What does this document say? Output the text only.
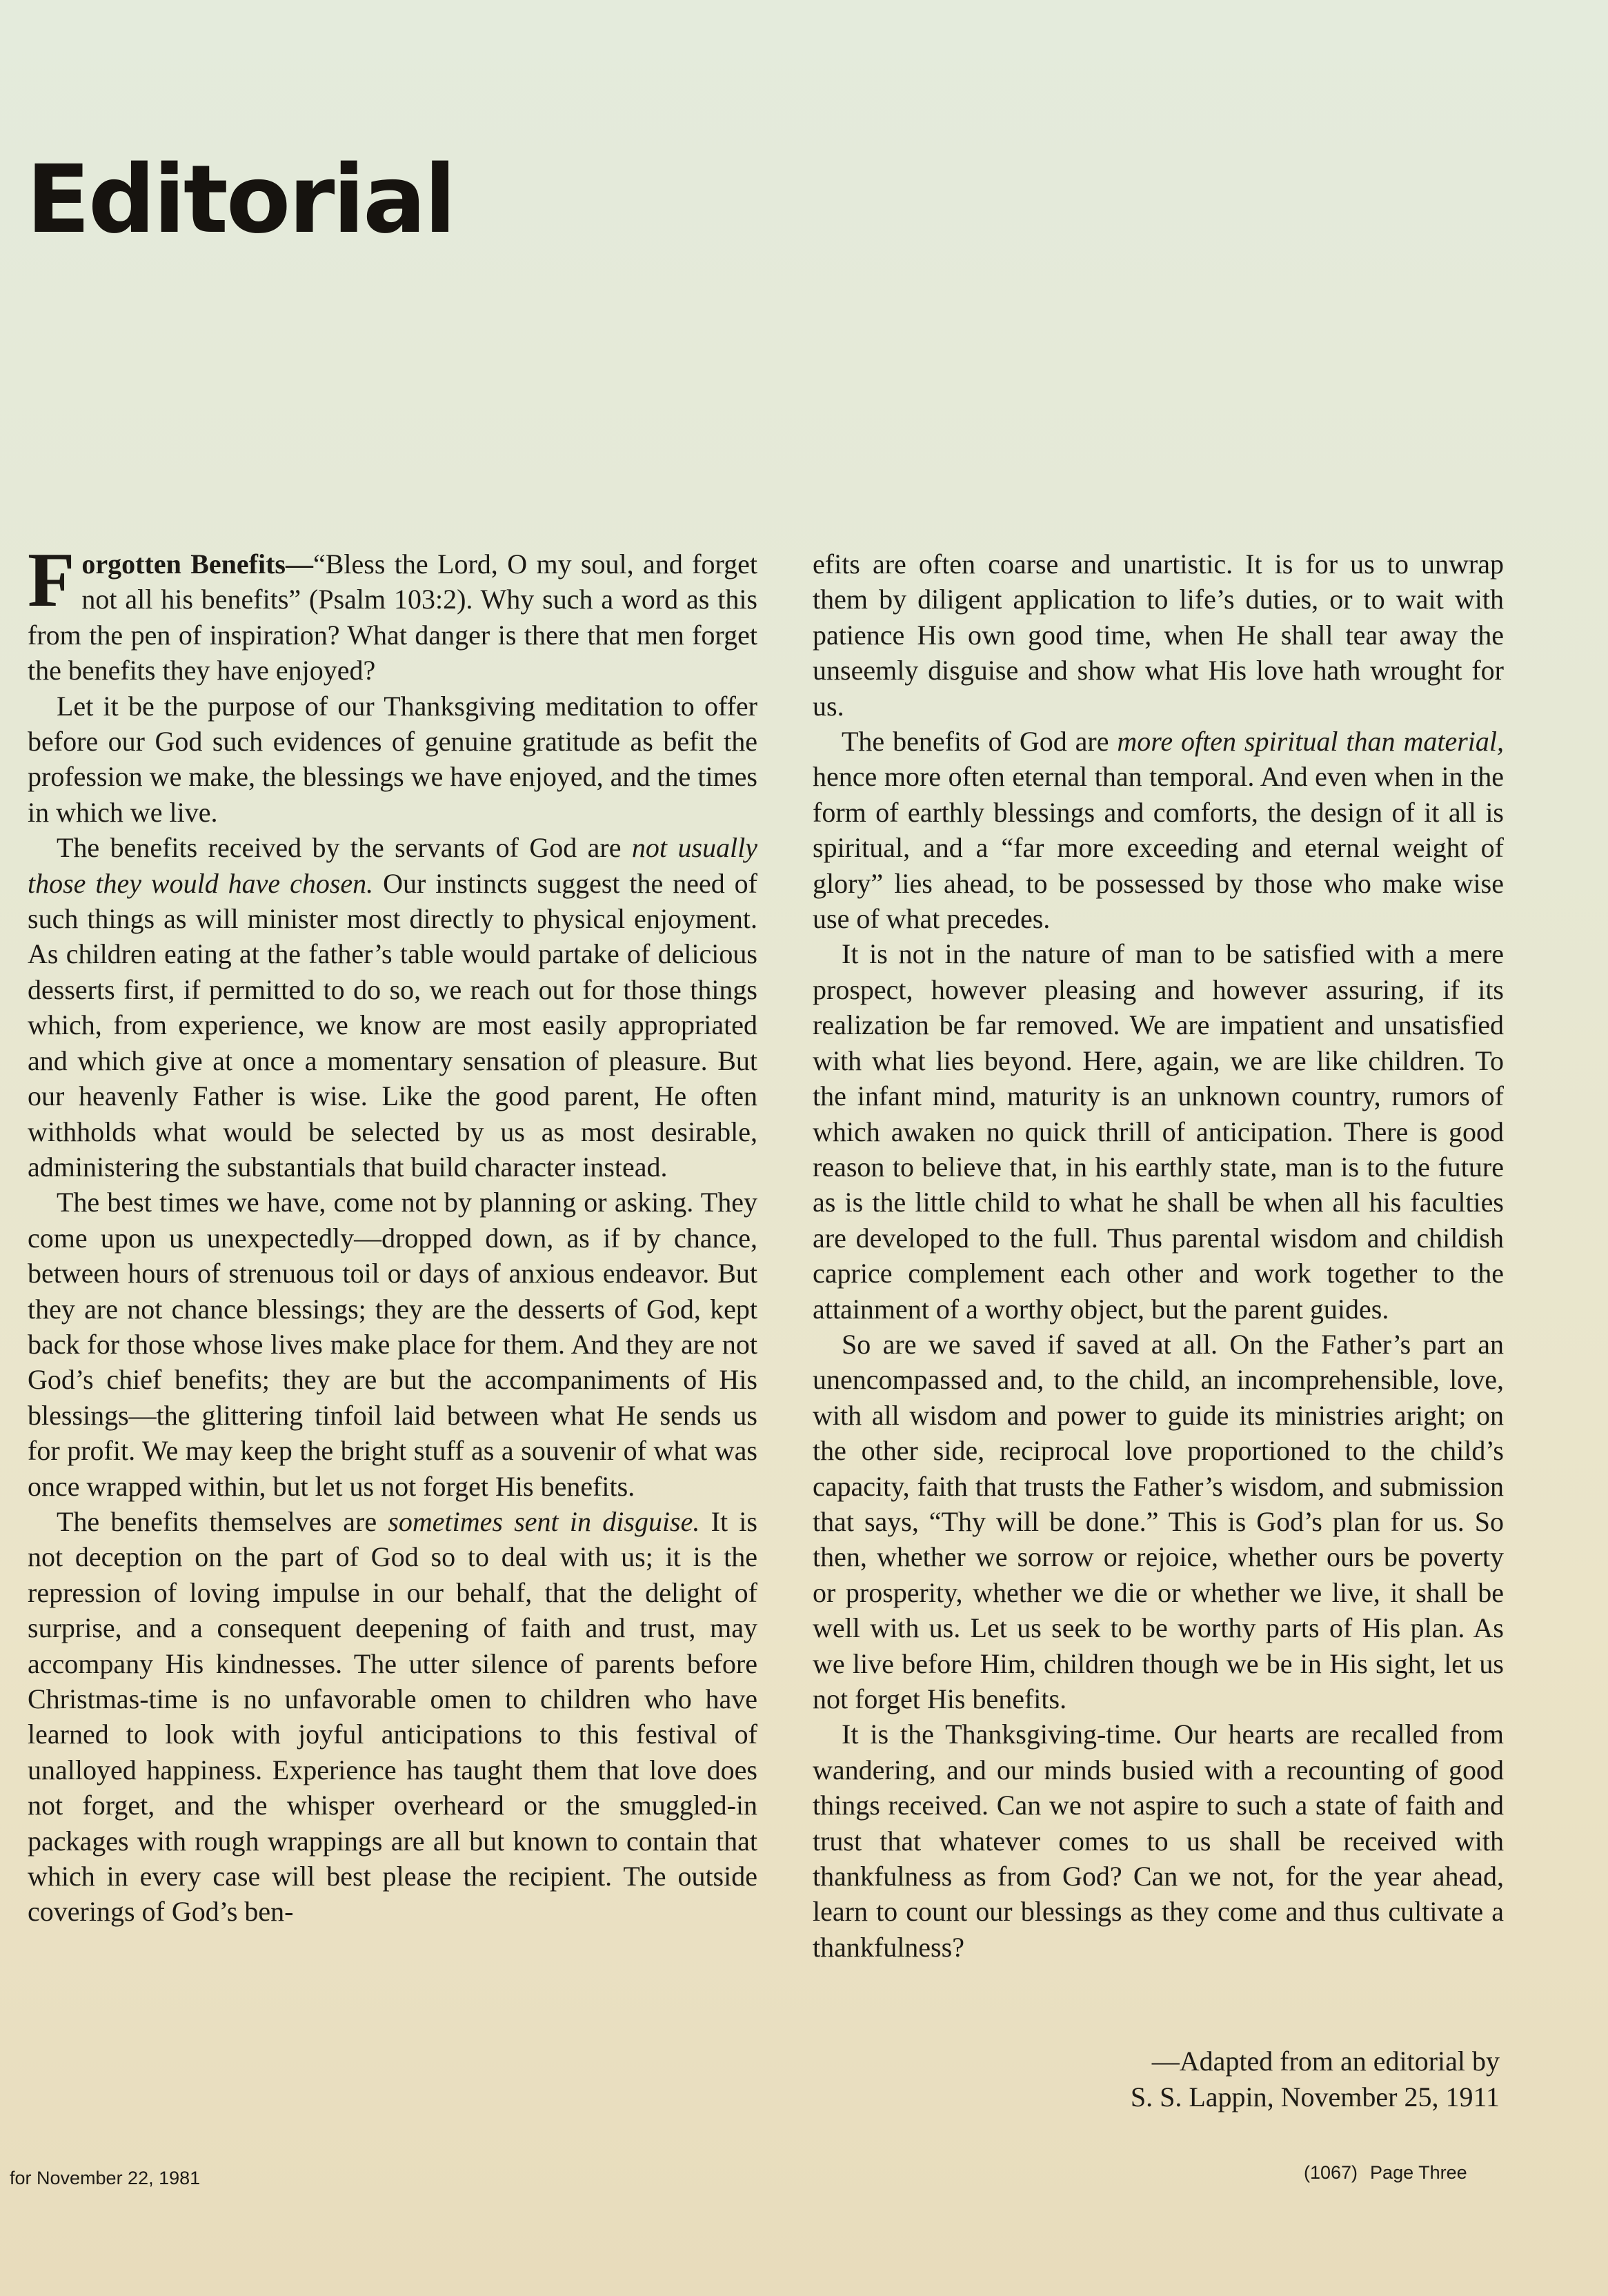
Editorial

Forgotten Benefits—“Bless the Lord, O my soul, and forget not all his benefits” (Psalm 103:2). Why such a word as this from the pen of inspiration? What danger is there that men forget the benefits they have enjoyed?

Let it be the purpose of our Thanksgiving meditation to offer before our God such evidences of genuine gratitude as befit the profession we make, the blessings we have enjoyed, and the times in which we live.

The benefits received by the servants of God are not usually those they would have chosen. Our instincts suggest the need of such things as will minister most directly to physical enjoyment. As children eating at the father’s table would partake of delicious desserts first, if permitted to do so, we reach out for those things which, from experience, we know are most easily appropriated and which give at once a momentary sensation of pleasure. But our heavenly Father is wise. Like the good parent, He often withholds what would be selected by us as most desirable, administering the substantials that build character instead.

The best times we have, come not by planning or asking. They come upon us unexpectedly—dropped down, as if by chance, between hours of strenuous toil or days of anxious endeavor. But they are not chance blessings; they are the desserts of God, kept back for those whose lives make place for them. And they are not God’s chief benefits; they are but the accompaniments of His blessings—the glittering tinfoil laid between what He sends us for profit. We may keep the bright stuff as a souvenir of what was once wrapped within, but let us not forget His benefits.

The benefits themselves are sometimes sent in disguise. It is not deception on the part of God so to deal with us; it is the repression of loving impulse in our behalf, that the delight of surprise, and a consequent deepening of faith and trust, may accompany His kindnesses. The utter silence of parents before Christmas-time is no unfavorable omen to children who have learned to look with joyful anticipations to this festival of unalloyed happiness. Experience has taught them that love does not forget, and the whisper overheard or the smuggled-in packages with rough wrappings are all but known to contain that which in every case will best please the recipient. The outside coverings of God’s ben-

efits are often coarse and unartistic. It is for us to unwrap them by diligent application to life’s duties, or to wait with patience His own good time, when He shall tear away the unseemly disguise and show what His love hath wrought for us.

The benefits of God are more often spiritual than material, hence more often eternal than temporal. And even when in the form of earthly blessings and comforts, the design of it all is spiritual, and a “far more exceeding and eternal weight of glory” lies ahead, to be possessed by those who make wise use of what precedes.

It is not in the nature of man to be satisfied with a mere prospect, however pleasing and however assuring, if its realization be far removed. We are impatient and unsatisfied with what lies beyond. Here, again, we are like children. To the infant mind, maturity is an unknown country, rumors of which awaken no quick thrill of anticipation. There is good reason to believe that, in his earthly state, man is to the future as is the little child to what he shall be when all his faculties are developed to the full. Thus parental wisdom and childish caprice complement each other and work together to the attainment of a worthy object, but the parent guides.

So are we saved if saved at all. On the Father’s part an unencompassed and, to the child, an incomprehensible, love, with all wisdom and power to guide its ministries aright; on the other side, reciprocal love proportioned to the child’s capacity, faith that trusts the Father’s wisdom, and submission that says, “Thy will be done.” This is God’s plan for us. So then, whether we sorrow or rejoice, whether ours be poverty or prosperity, whether we die or whether we live, it shall be well with us. Let us seek to be worthy parts of His plan. As we live before Him, children though we be in His sight, let us not forget His benefits.

It is the Thanksgiving-time. Our hearts are recalled from wandering, and our minds busied with a recounting of good things received. Can we not aspire to such a state of faith and trust that whatever comes to us shall be received with thankfulness as from God? Can we not, for the year ahead, learn to count our blessings as they come and thus cultivate a thankfulness?

—Adapted from an editorial by
S. S. Lappin, November 25, 1911
for November 22, 1981	(1067) Page Three
